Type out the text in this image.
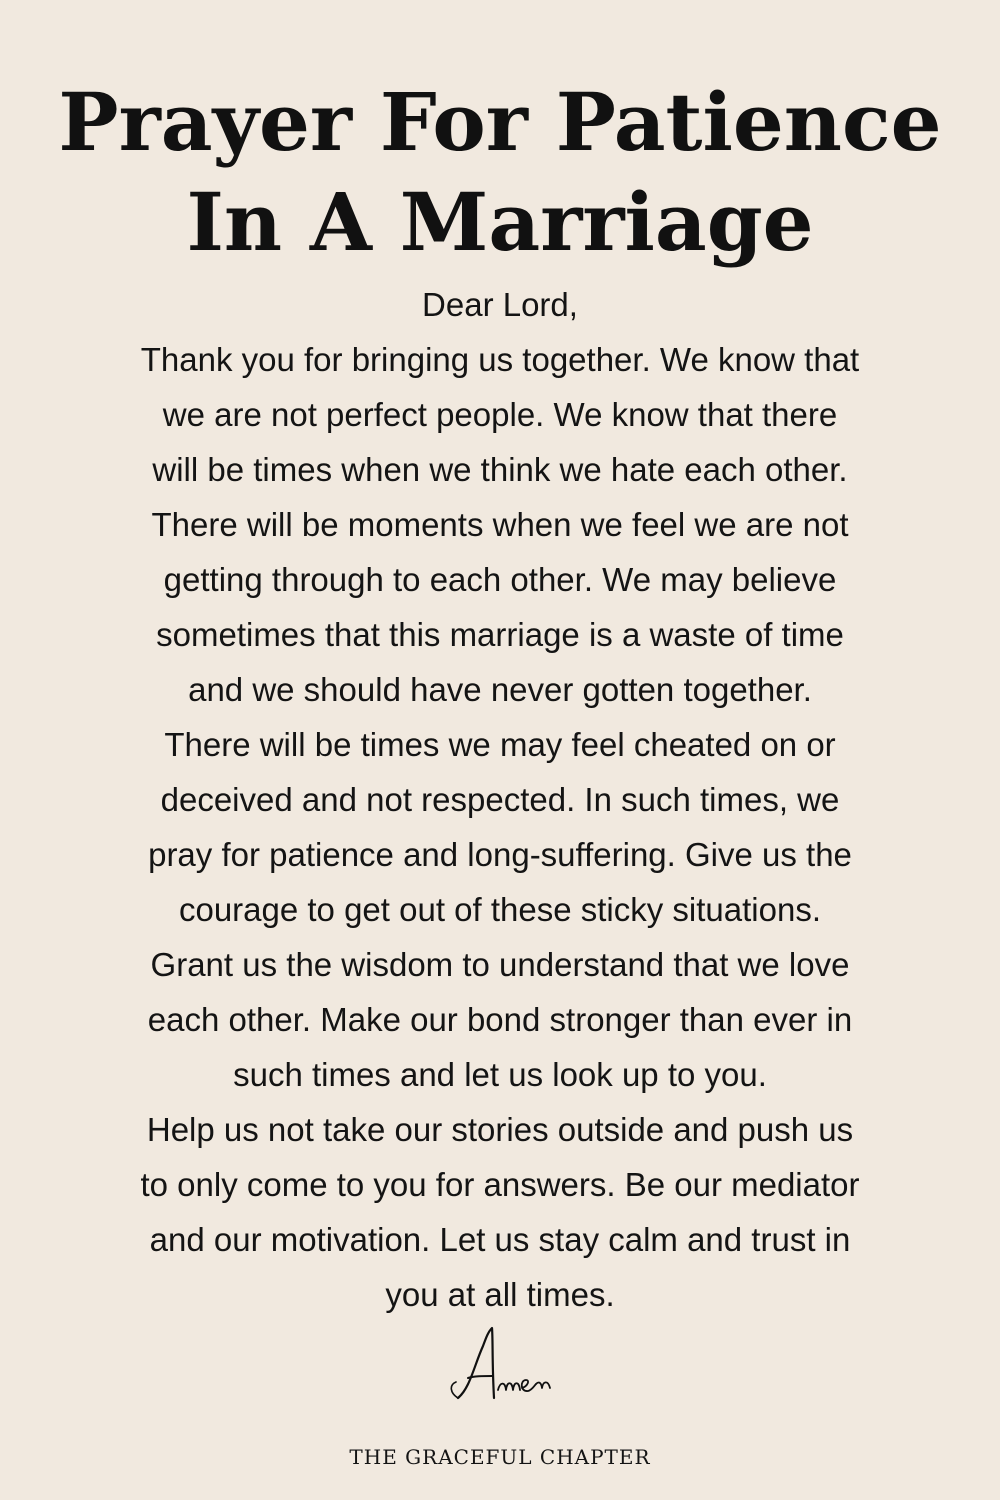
Prayer For Patience
In A Marriage
Dear Lord,
Thank you for bringing us together. We know that
we are not perfect people. We know that there
will be times when we think we hate each other.
There will be moments when we feel we are not
getting through to each other. We may believe
sometimes that this marriage is a waste of time
and we should have never gotten together.
There will be times we may feel cheated on or
deceived and not respected. In such times, we
pray for patience and long-suffering. Give us the
courage to get out of these sticky situations.
Grant us the wisdom to understand that we love
each other. Make our bond stronger than ever in
such times and let us look up to you.
Help us not take our stories outside and push us
to only come to you for answers. Be our mediator
and our motivation. Let us stay calm and trust in
you at all times.
THE GRACEFUL CHAPTER
